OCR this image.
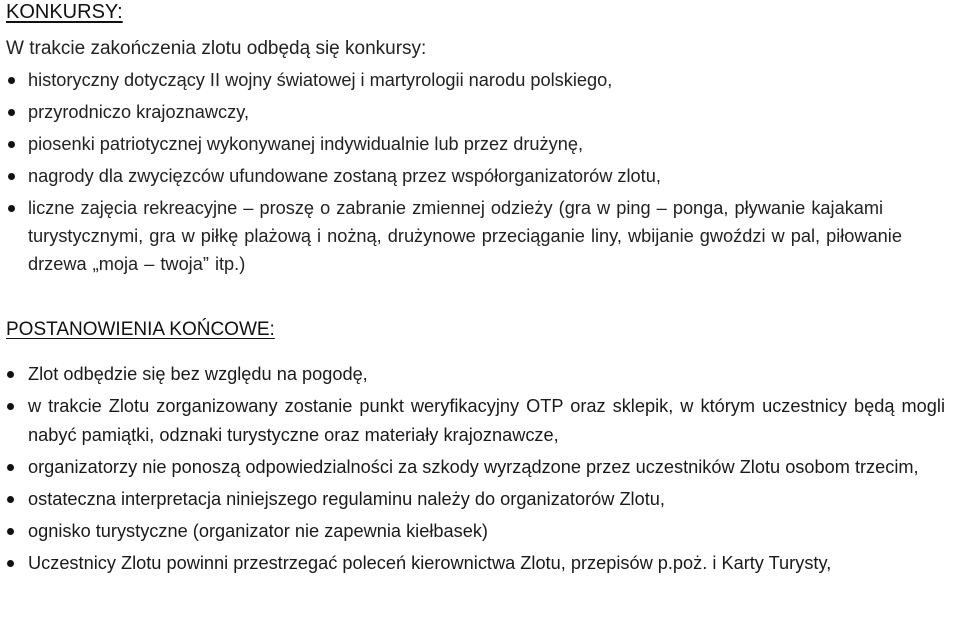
KONKURSY:
W trakcie zakończenia zlotu odbędą się konkursy:
historyczny dotyczący II wojny światowej i martyrologii narodu polskiego,
przyrodniczo krajoznawczy,
piosenki patriotycznej wykonywanej indywidualnie lub przez drużynę,
nagrody dla zwycięzców ufundowane zostaną przez współorganizatorów zlotu,
liczne zajęcia rekreacyjne – proszę o zabranie zmiennej odzieży (gra w ping – ponga, pływanie kajakami turystycznymi, gra w piłkę plażową i nożną, drużynowe przeciąganie liny, wbijanie gwoździ w pal, piłowanie drzewa „moja – twoja” itp.)
POSTANOWIENIA KOŃCOWE:
Zlot odbędzie się bez względu na pogodę,
w trakcie Zlotu zorganizowany zostanie punkt weryfikacyjny OTP oraz sklepik, w którym uczestnicy będą mogli nabyć pamiątki, odznaki turystyczne oraz materiały krajoznawcze,
organizatorzy nie ponoszą odpowiedzialności za szkody wyrządzone przez uczestników Zlotu osobom trzecim,
ostateczna interpretacja niniejszego regulaminu należy do organizatorów Zlotu,
ognisko turystyczne (organizator nie zapewnia kiełbasek)
Uczestnicy Zlotu powinni przestrzegać poleceń kierownictwa Zlotu, przepisów p.poż. i Karty Turysty,
